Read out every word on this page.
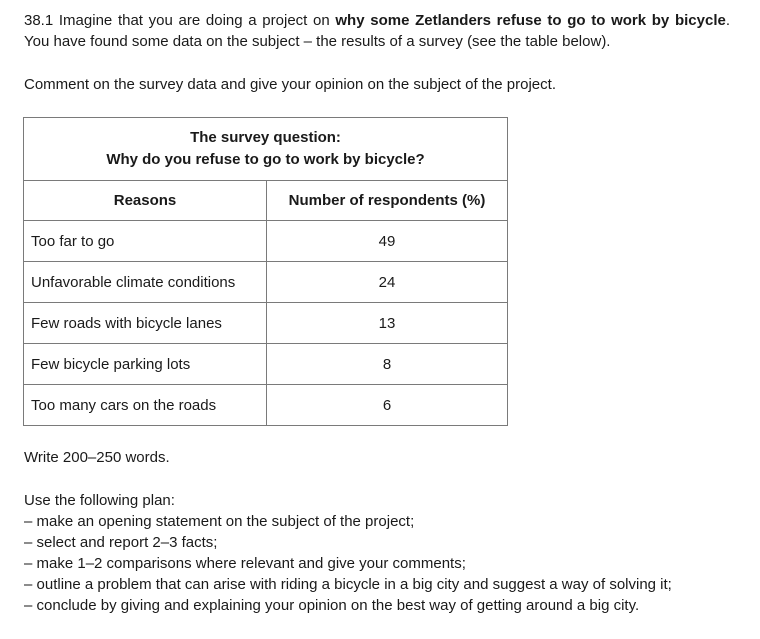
38.1 Imagine that you are doing a project on why some Zetlanders refuse to go to work by bicycle. You have found some data on the subject – the results of a survey (see the table below).
Comment on the survey data and give your opinion on the subject of the project.
The survey question:
Why do you refuse to go to work by bicycle?	

Reasons	Number of respondents (%)
Too far to go	49
Unfavorable climate conditions	24
Few roads with bicycle lanes	13
Few bicycle parking lots	8
Too many cars on the roads	6
Write 200–250 words.
Use the following plan:
– make an opening statement on the subject of the project;
– select and report 2–3 facts;
– make 1–2 comparisons where relevant and give your comments;
– outline a problem that can arise with riding a bicycle in a big city and suggest a way of solving it;
– conclude by giving and explaining your opinion on the best way of getting around a big city.
